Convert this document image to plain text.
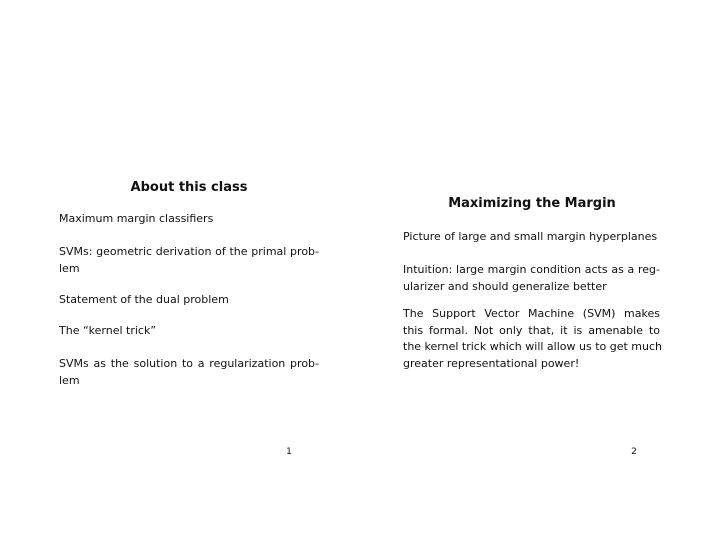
About this class
Maximum margin classifiers
SVMs: geometric derivation of the primal prob-
lem
Statement of the dual problem
The “kernel trick”
SVMs as the solution to a regularization prob-
lem
1
Maximizing the Margin
Picture of large and small margin hyperplanes
Intuition: large margin condition acts as a reg-
ularizer and should generalize better
The Support Vector Machine (SVM) makes
this formal. Not only that, it is amenable to
the kernel trick which will allow us to get much
greater representational power!
2
